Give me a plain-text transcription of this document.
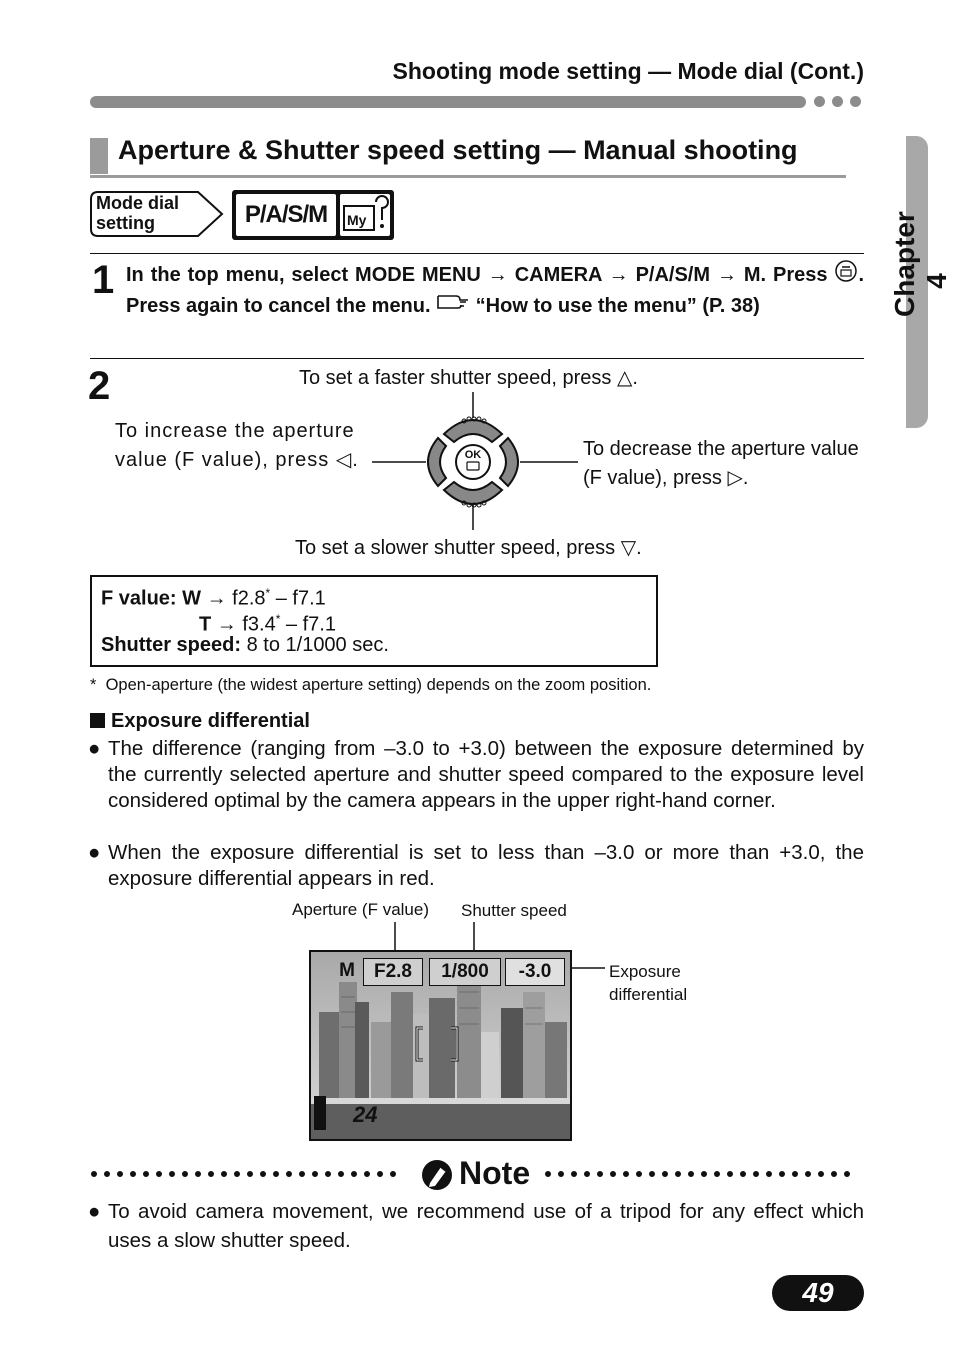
Shooting mode setting — Mode dial (Cont.)
Chapter 4
Aperture & Shutter speed setting — Manual shooting
Mode dial
setting	P/A/S/M	My
1 In the top menu, select MODE MENU → CAMERA → P/A/S/M → M. Press . Press again to cancel the menu.  “How to use the menu” (P. 38)
2	To set a faster shutter speed, press △.
To increase the aperture value (F value), press ◁.	To decrease the aperture value (F value), press ▷.
To set a slower shutter speed, press ▽.
OK
F value: W → f2.8* – f7.1
T → f3.4* – f7.1
Shutter speed: 8 to 1/1000 sec.
* Open-aperture (the widest aperture setting) depends on the zoom position.
Exposure differential
● The difference (ranging from –3.0 to +3.0) between the exposure determined by the currently selected aperture and shutter speed compared to the exposure level considered optimal by the camera appears in the upper right-hand corner.
● When the exposure differential is set to less than –3.0 or more than +3.0, the exposure differential appears in red.
Aperture (F value) Shutter speed
Exposure
differential
M	F2.8	1/800	-3.0
24
Note
● To avoid camera movement, we recommend use of a tripod for any effect which uses a slow shutter speed.
49
